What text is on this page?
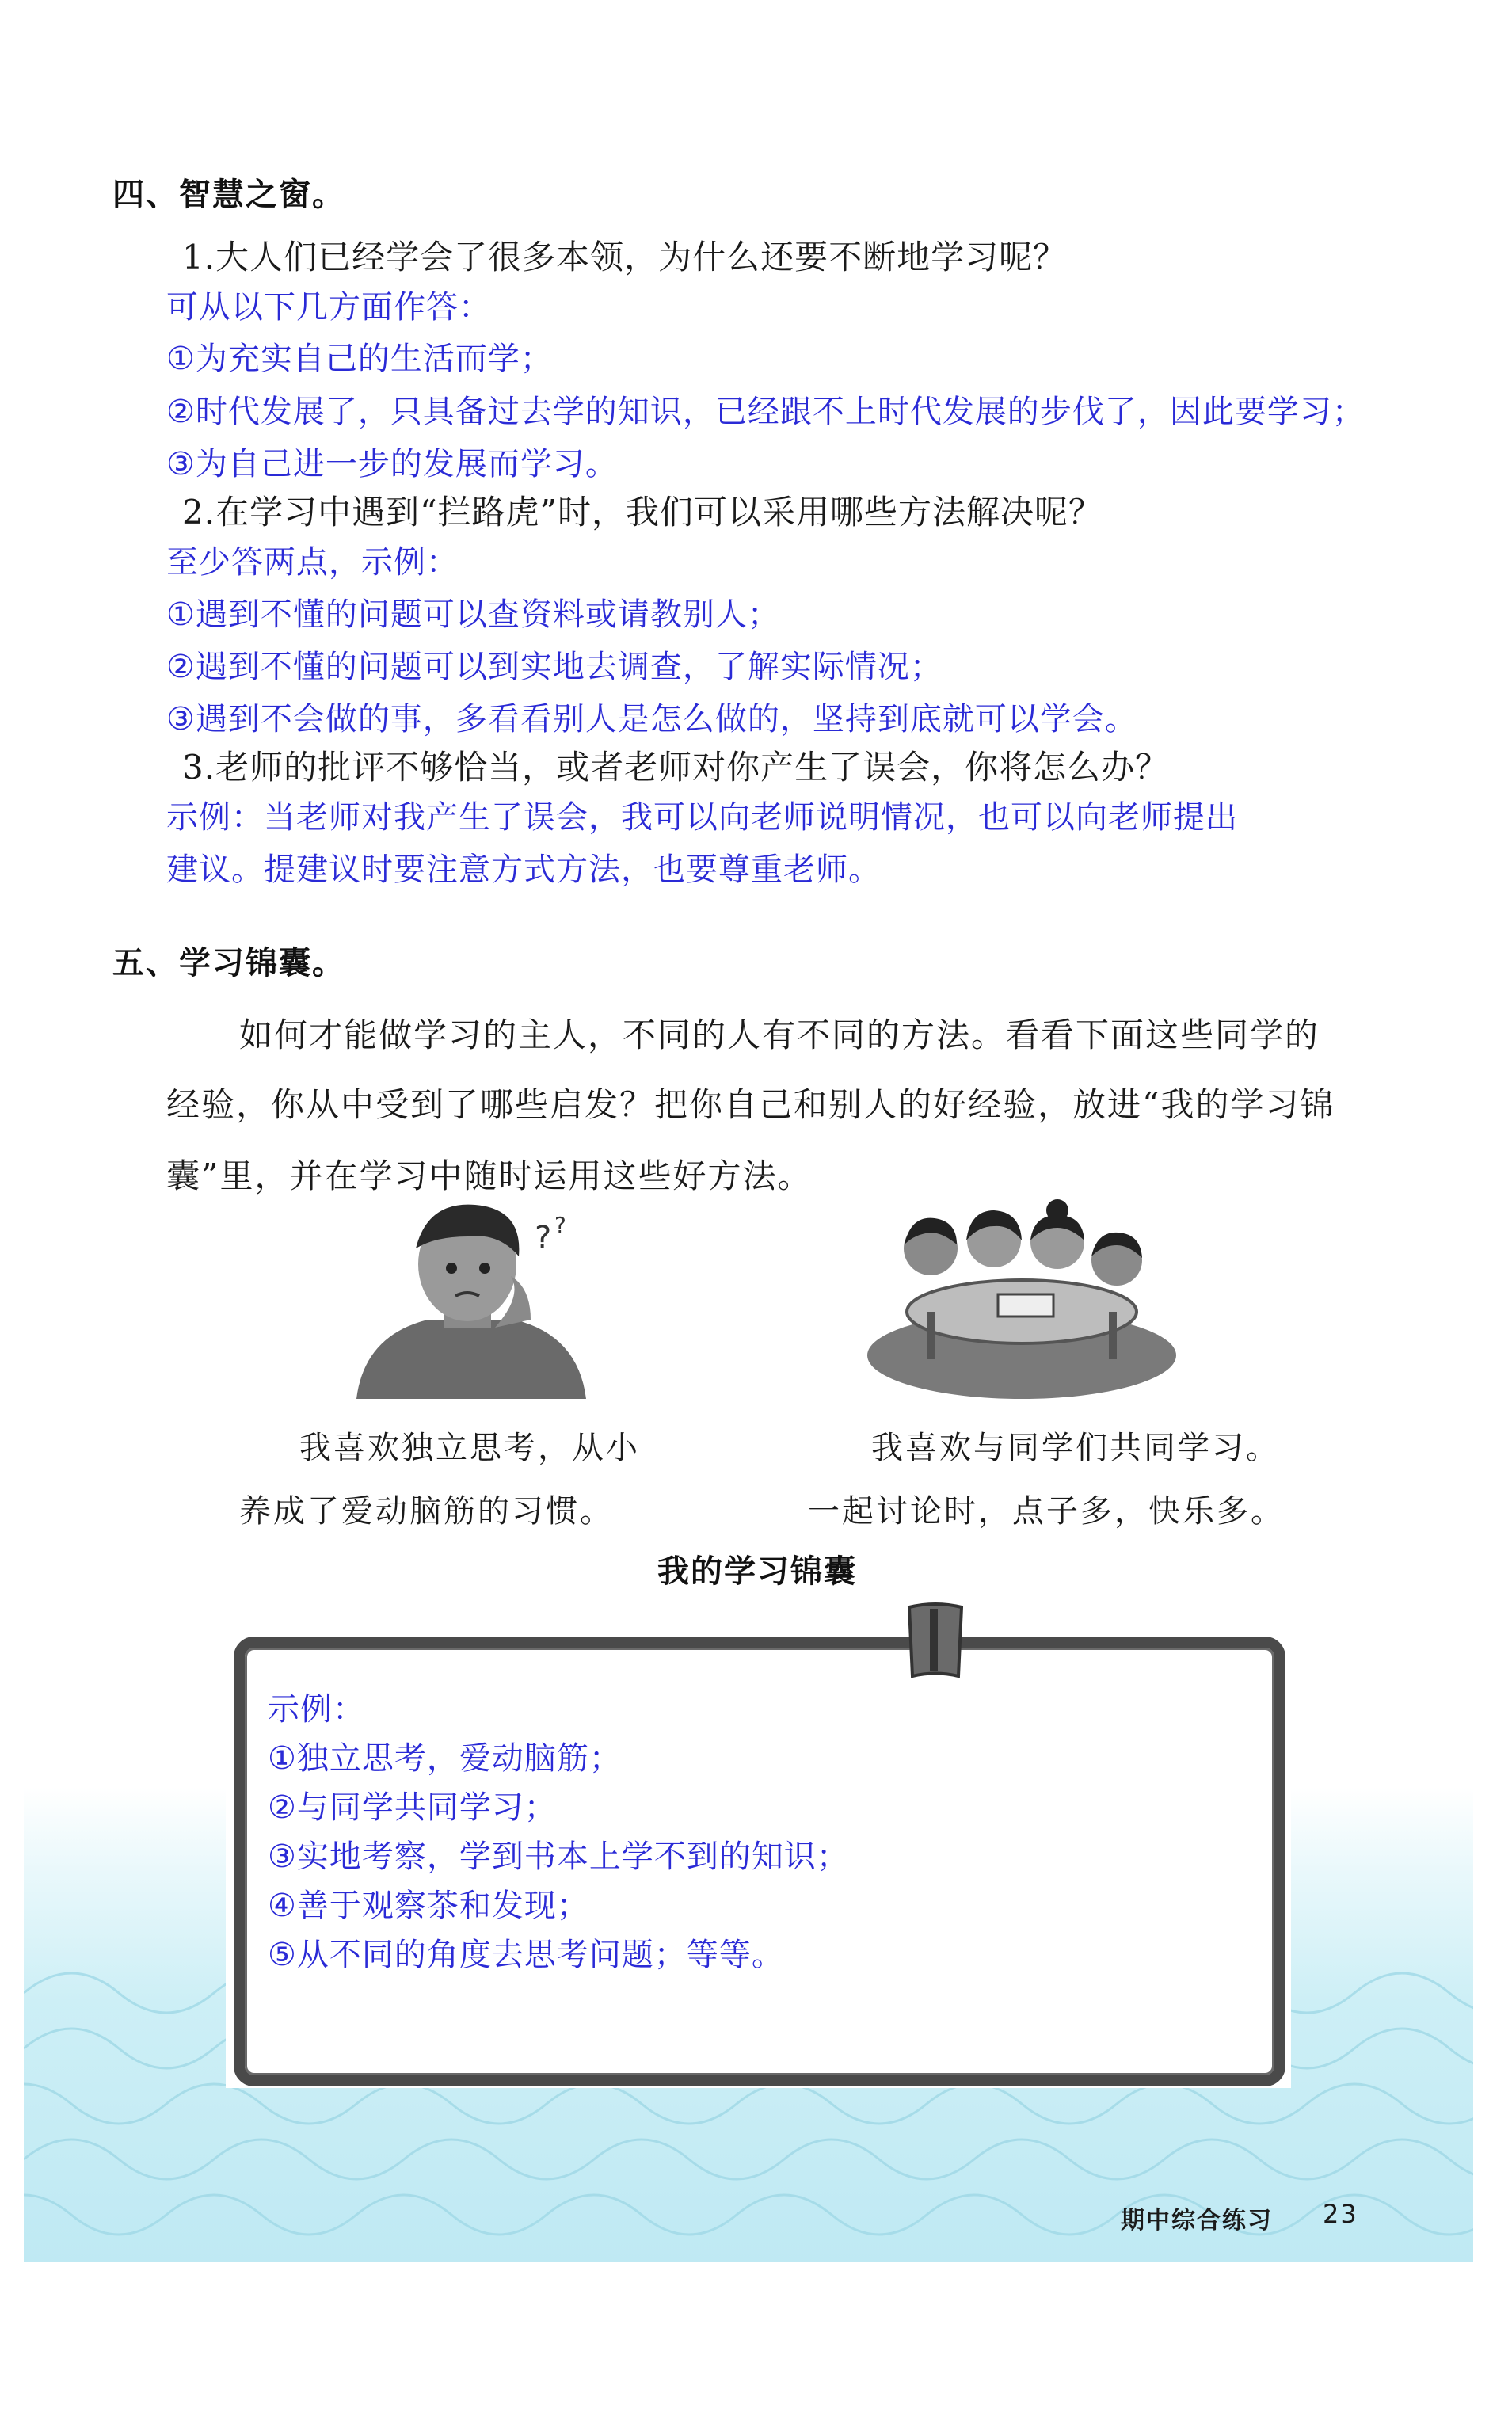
四、智慧之窗。
1.大人们已经学会了很多本领，为什么还要不断地学习呢？
可从以下几方面作答：
①为充实自己的生活而学；
②时代发展了，只具备过去学的知识，已经跟不上时代发展的步伐了，因此要学习；
③为自己进一步的发展而学习。
2.在学习中遇到“拦路虎”时，我们可以采用哪些方法解决呢？
至少答两点，示例：
①遇到不懂的问题可以查资料或请教别人；
②遇到不懂的问题可以到实地去调查，了解实际情况；
③遇到不会做的事，多看看别人是怎么做的，坚持到底就可以学会。
3.老师的批评不够恰当，或者老师对你产生了误会，你将怎么办？
示例：当老师对我产生了误会，我可以向老师说明情况，也可以向老师提出
建议。提建议时要注意方式方法，也要尊重老师。
五、学习锦囊。
如何才能做学习的主人，不同的人有不同的方法。看看下面这些同学的
经验，你从中受到了哪些启发？把你自己和别人的好经验，放进“我的学习锦
囊”里，并在学习中随时运用这些好方法。
? ?
我喜欢独立思考，从小
养成了爱动脑筋的习惯。
我喜欢与同学们共同学习。
一起讨论时，点子多，快乐多。
我的学习锦囊
示例：
①独立思考，爱动脑筋；
②与同学共同学习；
③实地考察，学到书本上学不到的知识；
④善于观察茶和发现；
⑤从不同的角度去思考问题；等等。
期中综合练习 23
